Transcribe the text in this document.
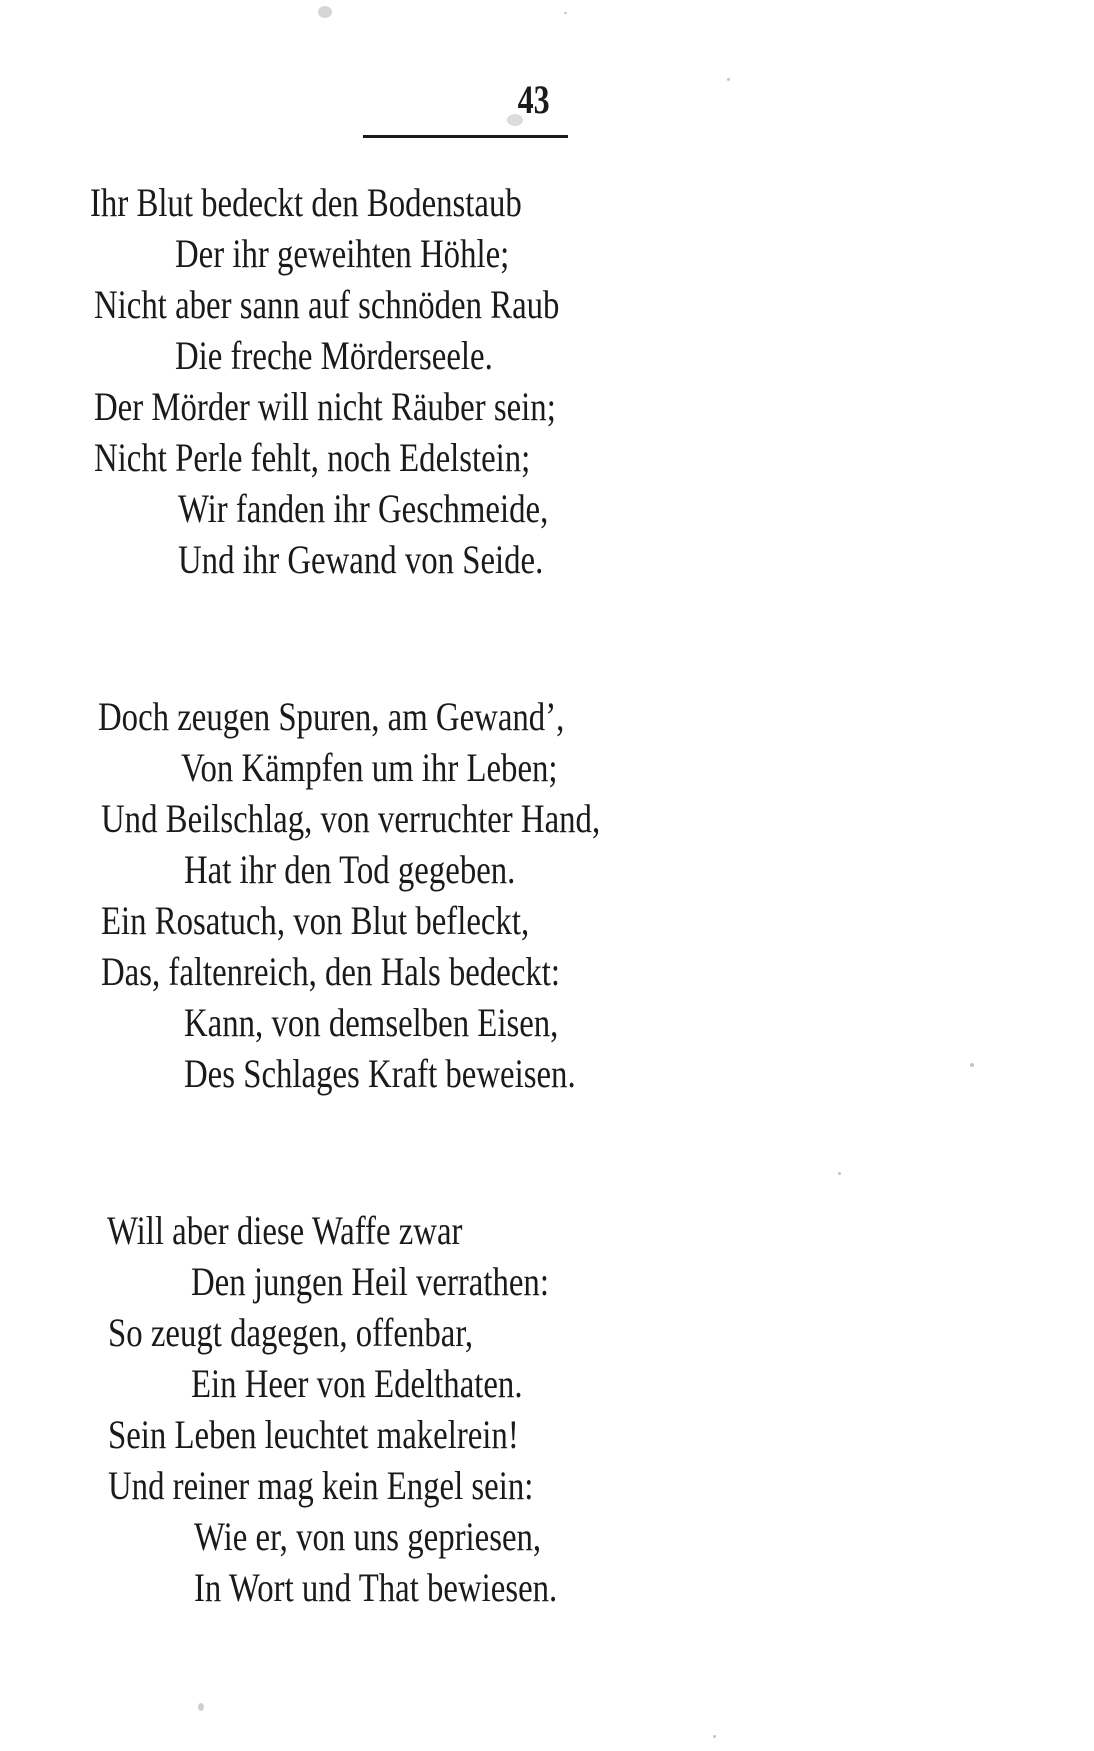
43
Ihr Blut bedeckt den Bodenstaub
Der ihr geweihten Höhle;
Nicht aber sann auf schnöden Raub
Die freche Mörderseele.
Der Mörder will nicht Räuber sein;
Nicht Perle fehlt, noch Edelstein;
Wir fanden ihr Geschmeide,
Und ihr Gewand von Seide.
Doch zeugen Spuren, am Gewand’,
Von Kämpfen um ihr Leben;
Und Beilschlag, von verruchter Hand,
Hat ihr den Tod gegeben.
Ein Rosatuch, von Blut befleckt,
Das, faltenreich, den Hals bedeckt:
Kann, von demselben Eisen,
Des Schlages Kraft beweisen.
Will aber diese Waffe zwar
Den jungen Heil verrathen:
So zeugt dagegen, offenbar,
Ein Heer von Edelthaten.
Sein Leben leuchtet makelrein!
Und reiner mag kein Engel sein:
Wie er, von uns gepriesen,
In Wort und That bewiesen.
